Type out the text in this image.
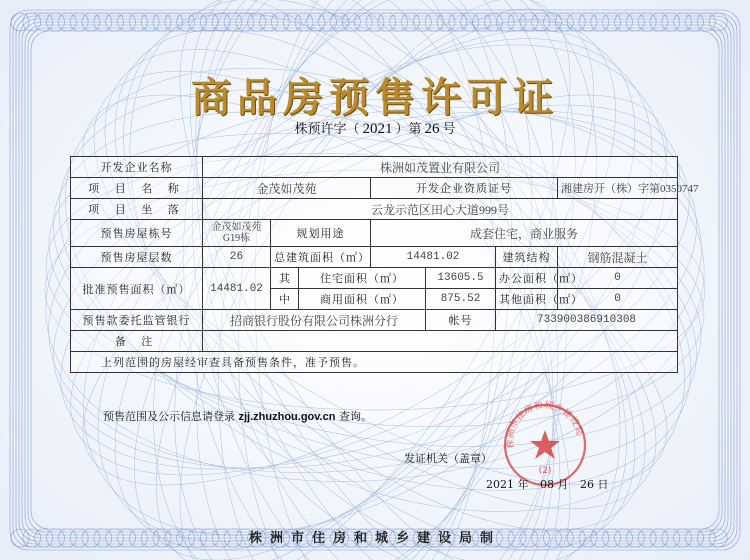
商品房预售许可证
株预许字（ 2021 ）第 26 号
开发企业名称	株洲如茂置业有限公司						
项 目 名 称	金茂如茂苑			开发企业资质证号			湘建房开（株）字第0350747
项 目 坐 落	云龙示范区田心大道999号						
预售房屋栋号	金茂如茂苑G19栋	规划用途		成套住宅，商业服务			
预售房屋层数	26	总建筑面积（㎡）		14481.02		建筑结构	钢筋混凝土
批准预售面积（㎡）	14481.02	其	住宅面积（㎡）		13605.5	办公面积（㎡）	0
		中	商用面积（㎡）		875.52	其他面积（㎡）	0
预售款委托监管银行	招商银行股份有限公司株洲分行				帐号	733900386910308	
备 注							
上列范围的房屋经审查具备预售条件，准予预售。							
预售范围及公示信息请登录 zjj.zhuzhou.gov.cn 查询。
株洲市住房和城乡建设局
(2)
发证机关（盖章）
2021 年 08 月 26 日
株洲市住房和城乡建设局制
